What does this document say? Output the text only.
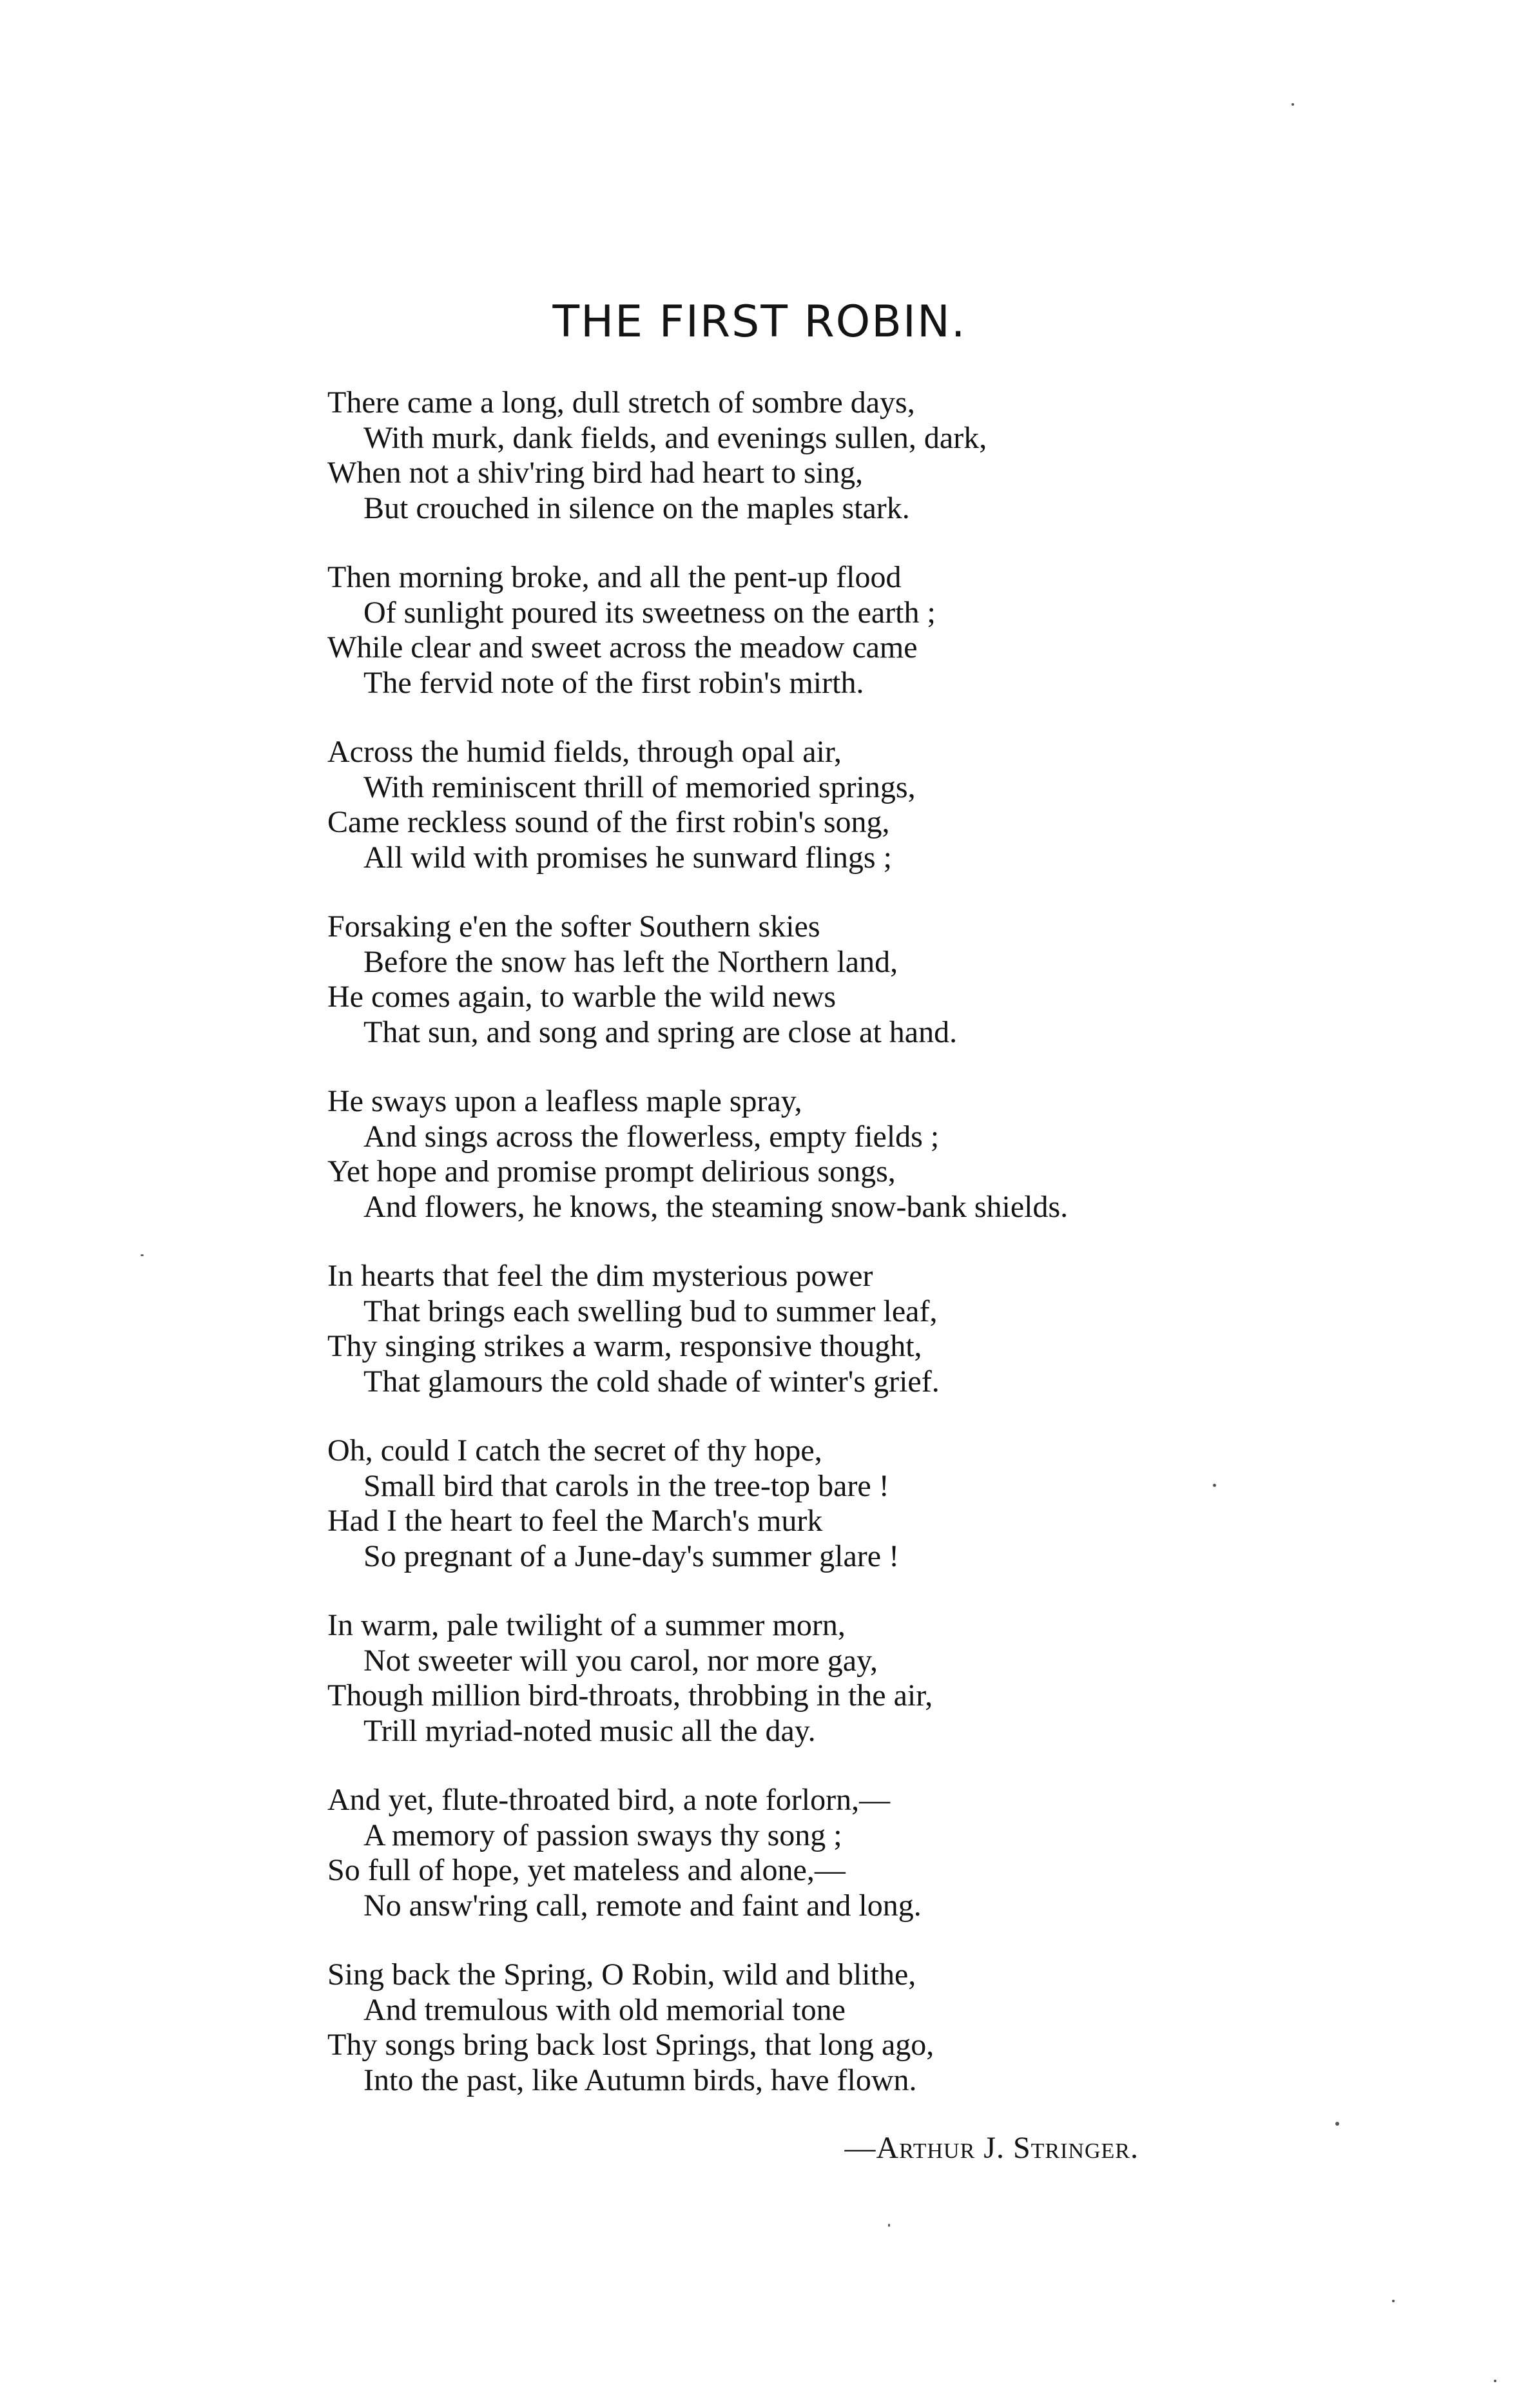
THE FIRST ROBIN.
There came a long, dull stretch of sombre days,
With murk, dank fields, and evenings sullen, dark,
When not a shiv'ring bird had heart to sing,
But crouched in silence on the maples stark.
Then morning broke, and all the pent-up flood
Of sunlight poured its sweetness on the earth ;
While clear and sweet across the meadow came
The fervid note of the first robin's mirth.
Across the humid fields, through opal air,
With reminiscent thrill of memoried springs,
Came reckless sound of the first robin's song,
All wild with promises he sunward flings ;
Forsaking e'en the softer Southern skies
Before the snow has left the Northern land,
He comes again, to warble the wild news
That sun, and song and spring are close at hand.
He sways upon a leafless maple spray,
And sings across the flowerless, empty fields ;
Yet hope and promise prompt delirious songs,
And flowers, he knows, the steaming snow-bank shields.
In hearts that feel the dim mysterious power
That brings each swelling bud to summer leaf,
Thy singing strikes a warm, responsive thought,
That glamours the cold shade of winter's grief.
Oh, could I catch the secret of thy hope,
Small bird that carols in the tree-top bare !
Had I the heart to feel the March's murk
So pregnant of a June-day's summer glare !
In warm, pale twilight of a summer morn,
Not sweeter will you carol, nor more gay,
Though million bird-throats, throbbing in the air,
Trill myriad-noted music all the day.
And yet, flute-throated bird, a note forlorn,—
A memory of passion sways thy song ;
So full of hope, yet mateless and alone,—
No answ'ring call, remote and faint and long.
Sing back the Spring, O Robin, wild and blithe,
And tremulous with old memorial tone
Thy songs bring back lost Springs, that long ago,
Into the past, like Autumn birds, have flown.
—Arthur J. Stringer.
